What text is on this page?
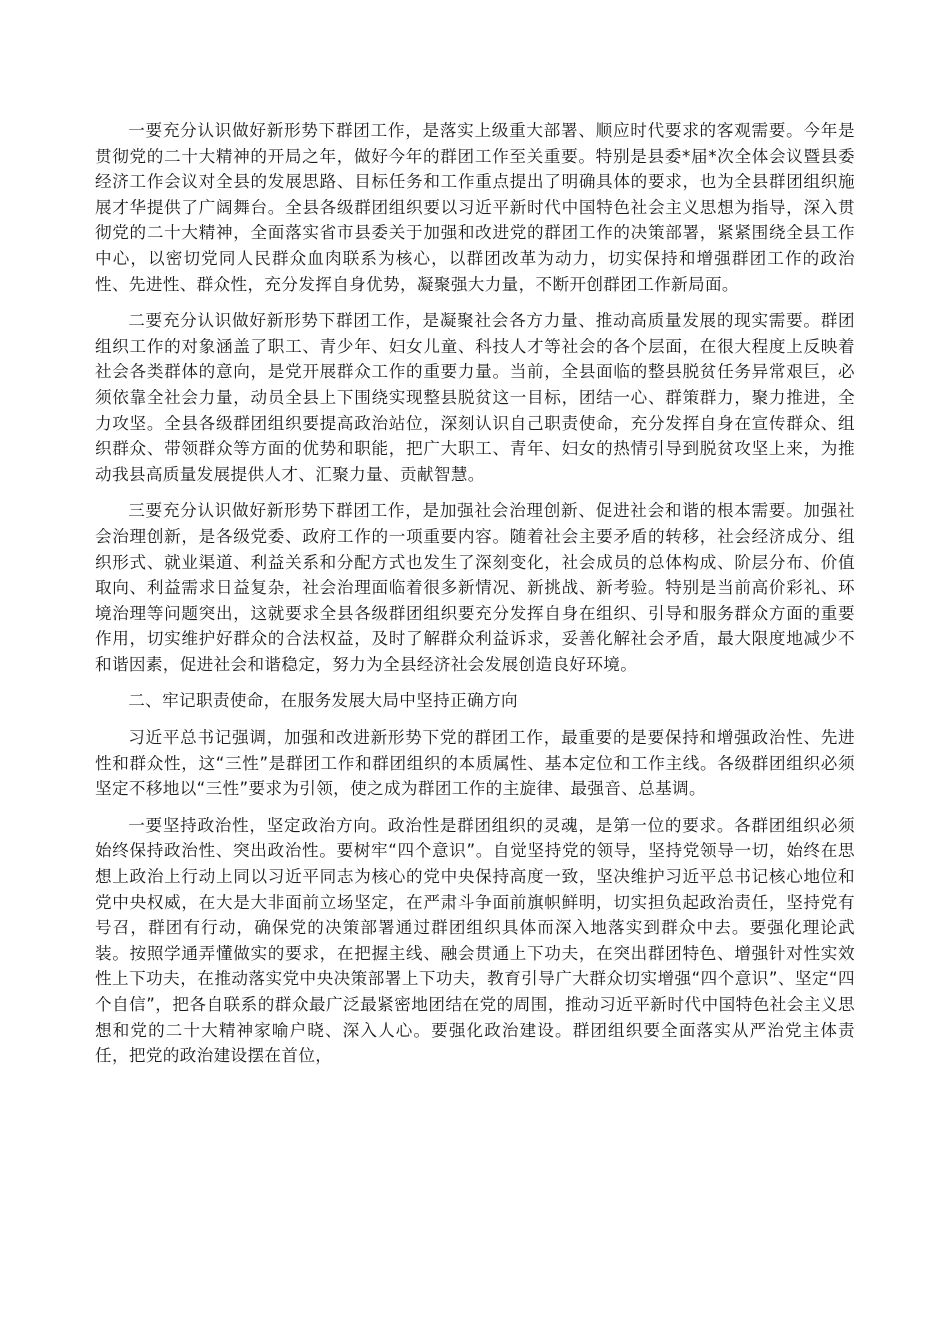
一要充分认识做好新形势下群团工作，是落实上级重大部署、顺应时代要求的客观需要。今年是贯彻党的二十大精神的开局之年，做好今年的群团工作至关重要。特别是县委*届*次全体会议暨县委经济工作会议对全县的发展思路、目标任务和工作重点提出了明确具体的要求，也为全县群团组织施展才华提供了广阔舞台。全县各级群团组织要以习近平新时代中国特色社会主义思想为指导，深入贯彻党的二十大精神，全面落实省市县委关于加强和改进党的群团工作的决策部署，紧紧围绕全县工作中心，以密切党同人民群众血肉联系为核心，以群团改革为动力，切实保持和增强群团工作的政治性、先进性、群众性，充分发挥自身优势，凝聚强大力量，不断开创群团工作新局面。

二要充分认识做好新形势下群团工作，是凝聚社会各方力量、推动高质量发展的现实需要。群团组织工作的对象涵盖了职工、青少年、妇女儿童、科技人才等社会的各个层面，在很大程度上反映着社会各类群体的意向，是党开展群众工作的重要力量。当前，全县面临的整县脱贫任务异常艰巨，必须依靠全社会力量，动员全县上下围绕实现整县脱贫这一目标，团结一心、群策群力，聚力推进，全力攻坚。全县各级群团组织要提高政治站位，深刻认识自己职责使命，充分发挥自身在宣传群众、组织群众、带领群众等方面的优势和职能，把广大职工、青年、妇女的热情引导到脱贫攻坚上来，为推动我县高质量发展提供人才、汇聚力量、贡献智慧。

三要充分认识做好新形势下群团工作，是加强社会治理创新、促进社会和谐的根本需要。加强社会治理创新，是各级党委、政府工作的一项重要内容。随着社会主要矛盾的转移，社会经济成分、组织形式、就业渠道、利益关系和分配方式也发生了深刻变化，社会成员的总体构成、阶层分布、价值取向、利益需求日益复杂，社会治理面临着很多新情况、新挑战、新考验。特别是当前高价彩礼、环境治理等问题突出，这就要求全县各级群团组织要充分发挥自身在组织、引导和服务群众方面的重要作用，切实维护好群众的合法权益，及时了解群众利益诉求，妥善化解社会矛盾，最大限度地减少不和谐因素，促进社会和谐稳定，努力为全县经济社会发展创造良好环境。

二、牢记职责使命，在服务发展大局中坚持正确方向

习近平总书记强调，加强和改进新形势下党的群团工作，最重要的是要保持和增强政治性、先进性和群众性，这“三性”是群团工作和群团组织的本质属性、基本定位和工作主线。各级群团组织必须坚定不移地以“三性”要求为引领，使之成为群团工作的主旋律、最强音、总基调。

一要坚持政治性，坚定政治方向。政治性是群团组织的灵魂，是第一位的要求。各群团组织必须始终保持政治性、突出政治性。要树牢“四个意识”。自觉坚持党的领导，坚持党领导一切，始终在思想上政治上行动上同以习近平同志为核心的党中央保持高度一致，坚决维护习近平总书记核心地位和党中央权威，在大是大非面前立场坚定，在严肃斗争面前旗帜鲜明，切实担负起政治责任，坚持党有号召，群团有行动，确保党的决策部署通过群团组织具体而深入地落实到群众中去。要强化理论武装。按照学通弄懂做实的要求，在把握主线、融会贯通上下功夫，在突出群团特色、增强针对性实效性上下功夫，在推动落实党中央决策部署上下功夫，教育引导广大群众切实增强“四个意识”、坚定“四个自信”，把各自联系的群众最广泛最紧密地团结在党的周围，推动习近平新时代中国特色社会主义思想和党的二十大精神家喻户晓、深入人心。要强化政治建设。群团组织要全面落实从严治党主体责任，把党的政治建设摆在首位，
